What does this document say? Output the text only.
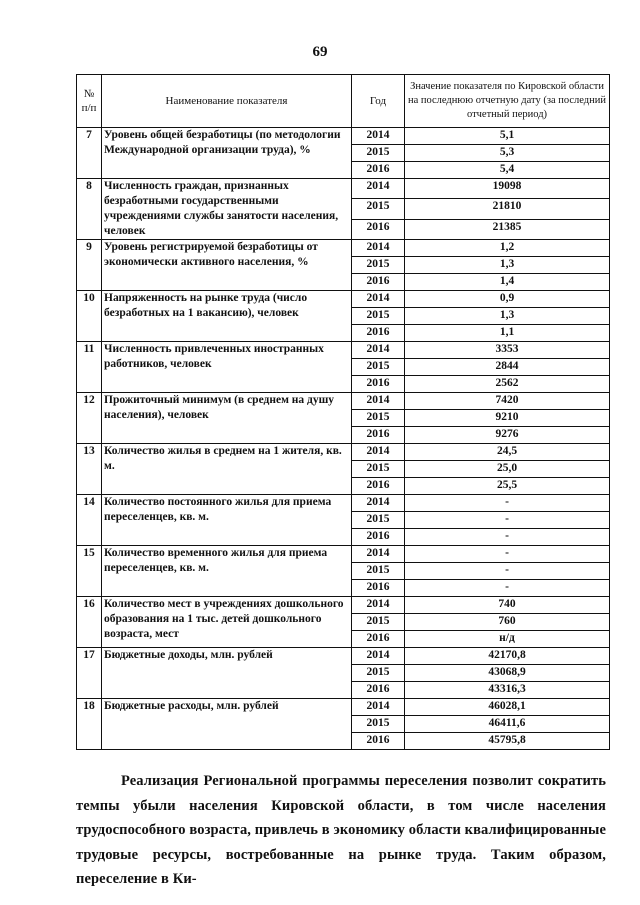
69
№ п/п	Наименование показателя	Год	Значение показателя по Кировской области на последнюю отчетную дату (за последний отчетный период)
7	Уровень общей безработицы (по методологии Международной организации труда), %	2014	5,1
		2015	5,3
		2016	5,4
8	Численность граждан, признанных безработными государственными учреждениями службы занятости населения, человек	2014	19098
		2015	21810
		2016	21385
9	Уровень регистрируемой безработицы от экономически активного населения, %	2014	1,2
		2015	1,3
		2016	1,4
10	Напряженность на рынке труда (число безработных на 1 вакансию), человек	2014	0,9
		2015	1,3
		2016	1,1
11	Численность привлеченных иностранных работников, человек	2014	3353
		2015	2844
		2016	2562
12	Прожиточный минимум (в среднем на душу населения), человек	2014	7420
		2015	9210
		2016	9276
13	Количество жилья в среднем на 1 жителя, кв. м.	2014	24,5
		2015	25,0
		2016	25,5
14	Количество постоянного жилья для приема переселенцев, кв. м.	2014	-
		2015	-
		2016	-
15	Количество временного жилья для приема переселенцев, кв. м.	2014	-
		2015	-
		2016	-
16	Количество мест в учреждениях дошкольного образования на 1 тыс. детей дошкольного возраста, мест	2014	740
		2015	760
		2016	н/д
17	Бюджетные доходы, млн. рублей	2014	42170,8
		2015	43068,9
		2016	43316,3
18	Бюджетные расходы, млн. рублей	2014	46028,1
		2015	46411,6
		2016	45795,8
Реализация Региональной программы переселения позволит сократить темпы убыли населения Кировской области, в том числе населения трудоспособного возраста, привлечь в экономику области квалифицированные трудовые ресурсы, востребованные на рынке труда. Таким образом, переселение в Ки-
